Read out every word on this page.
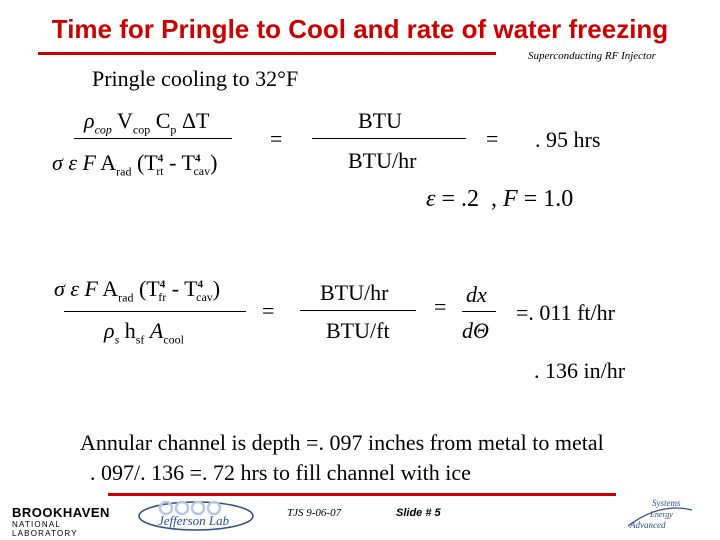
Time for Pringle to Cool and rate of water freezing
Superconducting RF Injector
Pringle cooling to 32°F
$\rho_{cop}$ $V_{cop}$ $C_p$ ΔT
σ ε F $A_{rad}$ $(T^4_{rt} - T^4_{cav})$
=
BTU
BTU/hr
= . 95 hrs
ε = .2  , F = 1.0
σ ε F $A_{rad}$ $(T^4_{fr} - T^4_{cav})$
$\rho_s$ $h_{sf}$ $A_{cool}$
=
BTU/hr
BTU/ft
= dx
dΘ
=. 011 ft/hr
. 136 in/hr
Annular channel is depth =. 097 inches from metal to metal
. 097/. 136 =. 72 hrs to fill channel with ice
BROOKHAVEN
NATIONAL LABORATORY
Jefferson Lab	TJS 9-06-07	Slide # 5
Systems
Energy
Advanced
